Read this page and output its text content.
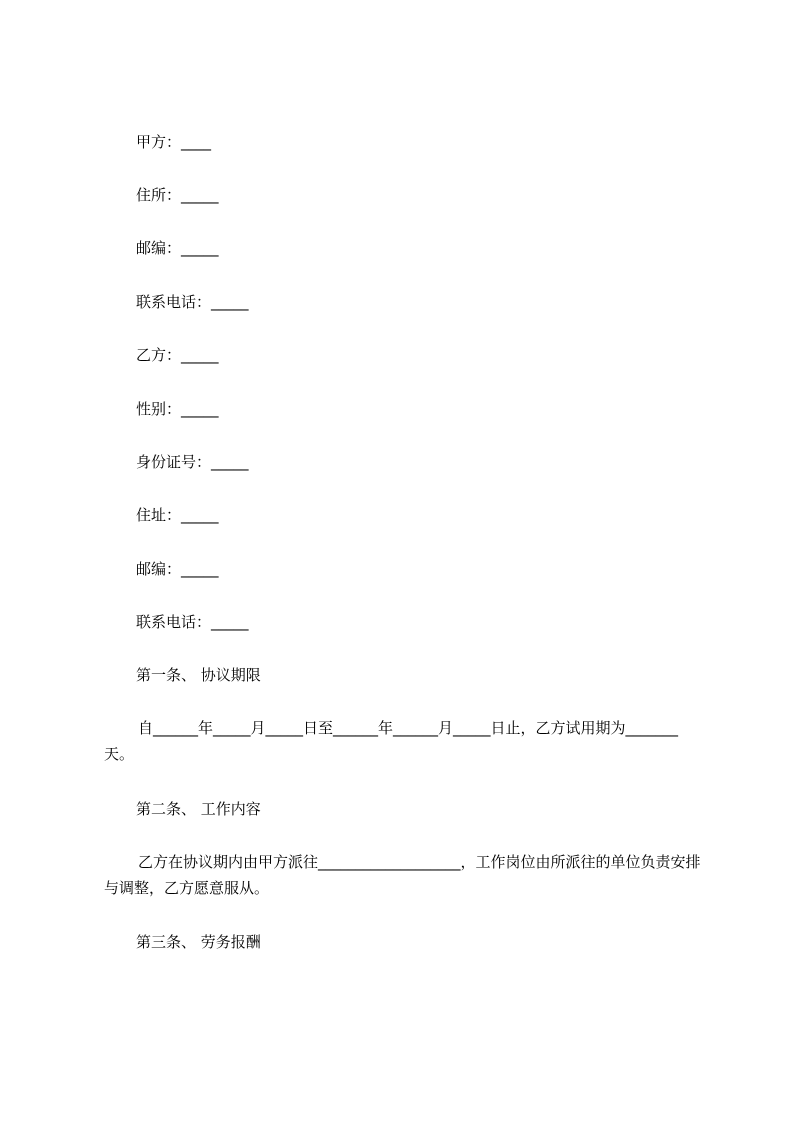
甲方：____
住所：_____
邮编：_____
联系电话：_____
乙方：_____
性别：_____
身份证号：_____
住址：_____
邮编：_____
联系电话：_____
第一条、 协议期限
自______年_____月_____日至______年______月_____日止，乙方试用期为_______天。
第二条、 工作内容
乙方在协议期内由甲方派往___________________，工作岗位由所派往的单位负责安排与调整，乙方愿意服从。
第三条、 劳务报酬
